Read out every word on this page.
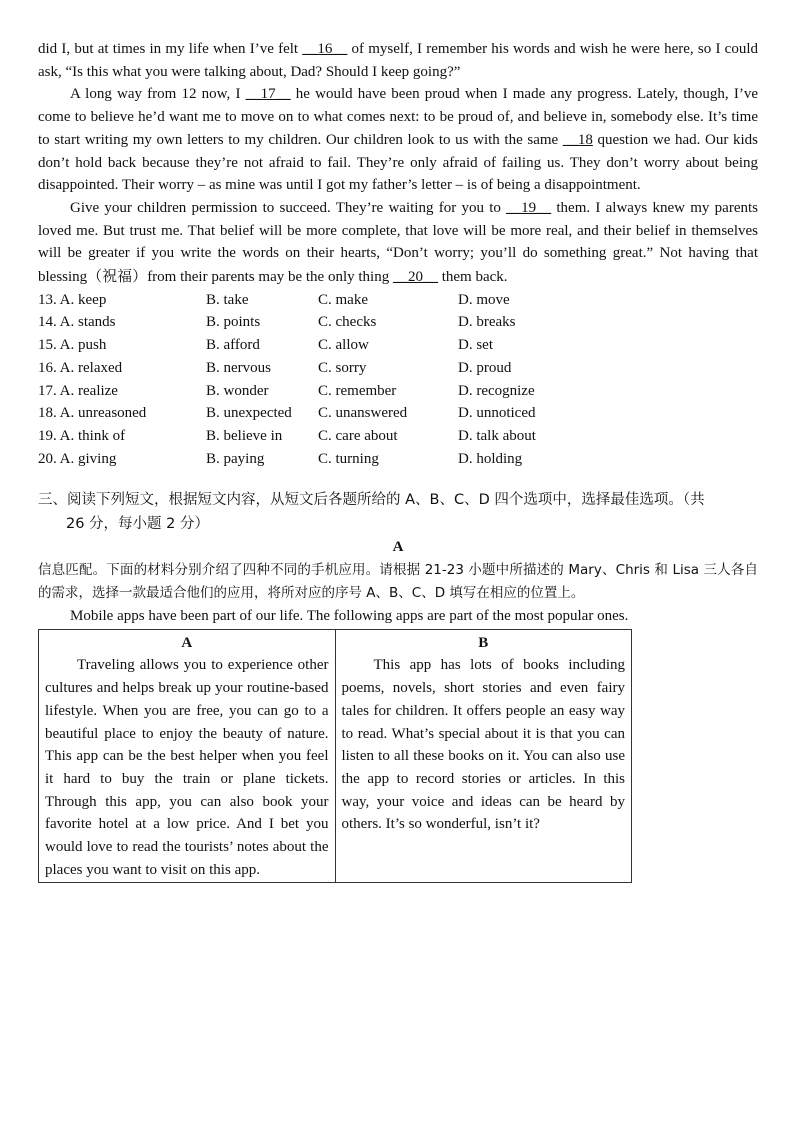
did I, but at times in my life when I’ve felt __16__ of myself, I remember his words and wish he were here, so I could ask, “Is this what you were talking about, Dad? Should I keep going?”

A long way from 12 now, I __17__ he would have been proud when I made any progress. Lately, though, I’ve come to believe he’d want me to move on to what comes next: to be proud of, and believe in, somebody else. It’s time to start writing my own letters to my children. Our children look to us with the same __18 question we had. Our kids don’t hold back because they’re not afraid to fail. They’re only afraid of failing us. They don’t worry about being disappointed. Their worry – as mine was until I got my father’s letter – is of being a disappointment.

Give your children permission to succeed. They’re waiting for you to __19__ them. I always knew my parents loved me. But trust me. That belief will be more complete, that love will be more real, and their belief in themselves will be greater if you write the words on their hearts, “Don’t worry; you’ll do something great.” Not having that blessing（祝福）from their parents may be the only thing __20__ them back.

13. A. keep	B. take	C. make	D. move
14. A. stands	B. points	C. checks	D. breaks
15. A. push	B. afford	C. allow	D. set
16. A. relaxed	B. nervous	C. sorry	D. proud
17. A. realize	B. wonder	C. remember	D. recognize
18. A. unreasoned	B. unexpected	C. unanswered	D. unnoticed
19. A. think of	B. believe in	C. care about	D. talk about
20. A. giving	B. paying	C. turning	D. holding
三、阅读下列短文，根据短文内容，从短文后各题所给的 A、B、C、D 四个选项中，选择最佳选项。（共
26 分，每小题 2 分）
A

信息匹配。下面的材料分别介绍了四种不同的手机应用。请根据 21-23 小题中所描述的 Mary、Chris 和 Lisa 三人各自的需求，选择一款最适合他们的应用，将所对应的序号 A、B、C、D 填写在相应的位置上。

Mobile apps have been part of our life. The following apps are part of the most popular ones.

A

Traveling allows you to experience other cultures and helps break up your routine-based lifestyle. When you are free, you can go to a beautiful place to enjoy the beauty of nature. This app can be the best helper when you feel it hard to buy the train or plane tickets. Through this app, you can also book your favorite hotel at a low price. And I bet you would love to read the tourists’ notes about the places you want to visit on this app.

B

This app has lots of books including poems, novels, short stories and even fairy tales for children. It offers people an easy way to read. What’s special about it is that you can listen to all these books on it. You can also use the app to record stories or articles. In this way, your voice and ideas can be heard by others. It’s so wonderful, isn’t it?
